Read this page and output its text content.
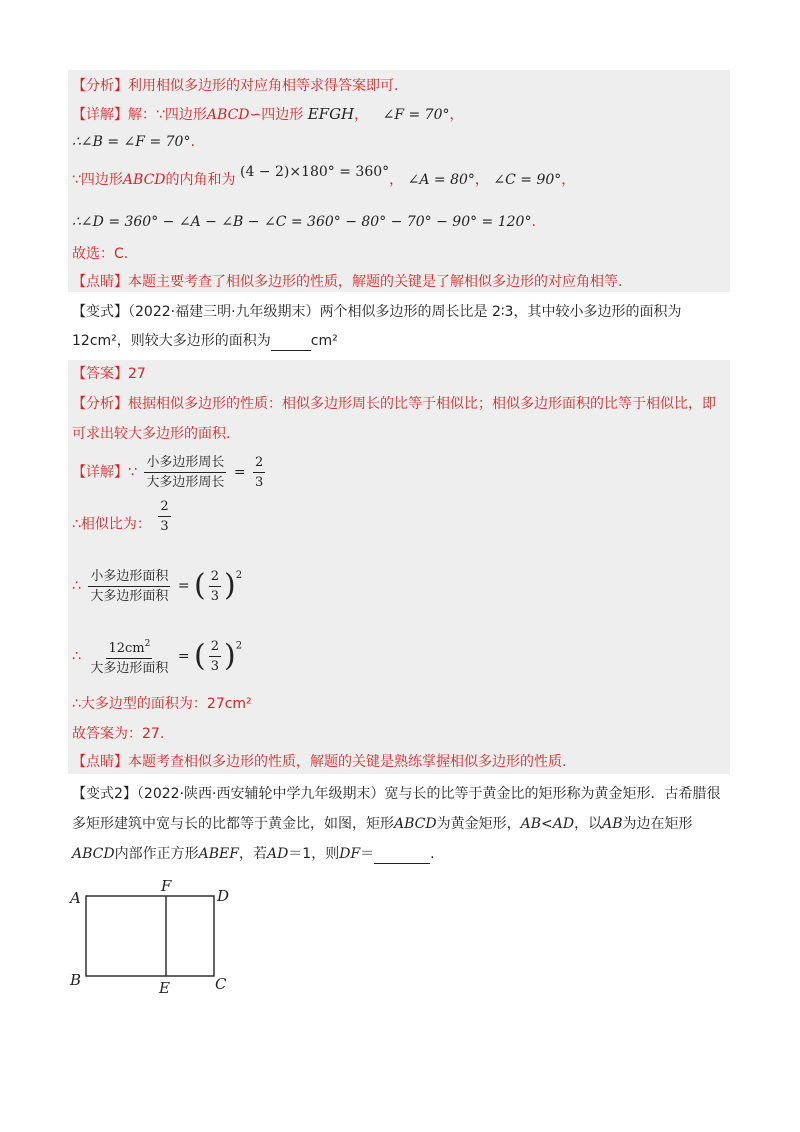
【分析】利用相似多边形的对应角相等求得答案即可.
【详解】解：∵四边形ABCD∽四边形 EFGH， ∠F = 70°，
∴∠B = ∠F = 70°.
∵四边形ABCD的内角和为 (4 − 2)×180° = 360°， ∠A = 80°， ∠C = 90°，
∴∠D = 360° − ∠A − ∠B − ∠C = 360° − 80° − 70° − 90° = 120°.
故选：C.
【点睛】本题主要考查了相似多边形的性质，解题的关键是了解相似多边形的对应角相等.
【变式】（2022·福建三明·九年级期末）两个相似多边形的周长比是 2∶3，其中较小多边形的面积为
12cm²，则较大多边形的面积为	cm²
【答案】27
【分析】根据相似多边形的性质：相似多边形周长的比等于相似比；相似多边形面积的比等于相似比，即
可求出较大多边形的面积.
【详解】∵ $\frac{\text{小多边形周长}}{\text{大多边形周长}} = \frac{2}{3}$
∴相似比为： $\frac{2}{3}$
∴ $\frac{\text{小多边形面积}}{\text{大多边形面积}}$ = ( $\frac{2}{3} )^2$
∴ $\frac{12cm^2}{\text{大多边形面积}}$ = ( $\frac{2}{3} )^2$
∴大多边型的面积为：27cm²
故答案为：27.
【点睛】本题考查相似多边形的性质，解题的关键是熟练掌握相似多边形的性质.
【变式2】（2022·陕西·西安辅轮中学九年级期末）宽与长的比等于黄金比的矩形称为黄金矩形．古希腊很
多矩形建筑中宽与长的比都等于黄金比，如图，矩形ABCD为黄金矩形，AB<AD，以AB为边在矩形
ABCD内部作正方形ABEF，若AD＝1，则DF＝	.
A
B	C
D
E
F
